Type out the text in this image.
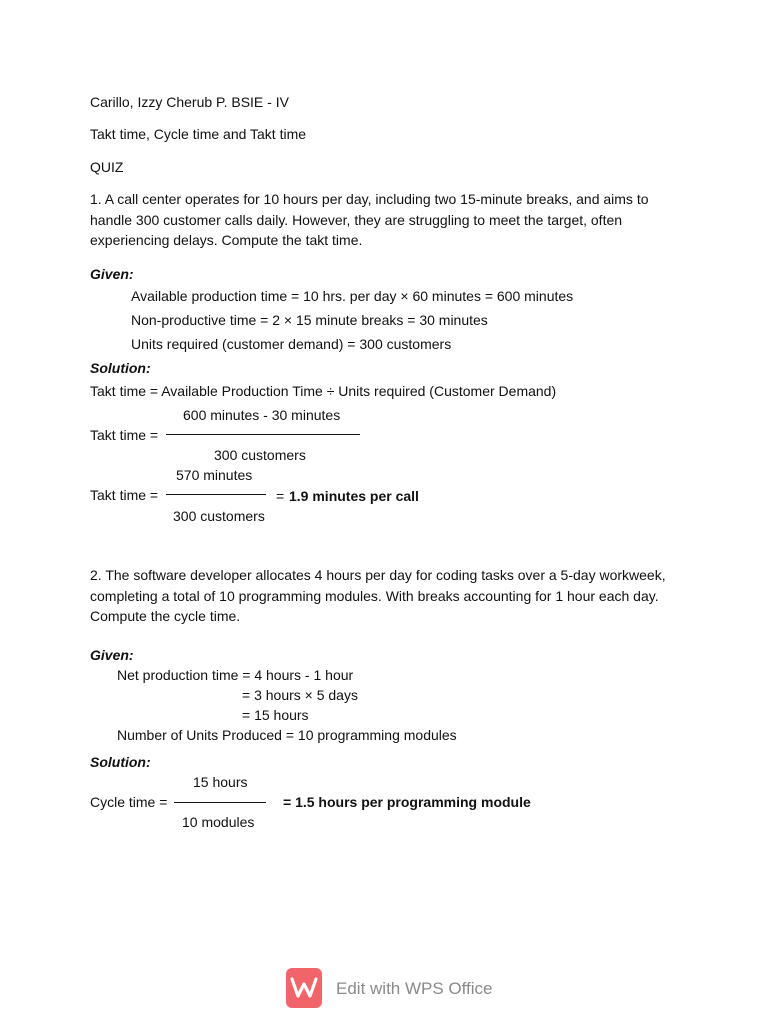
Carillo, Izzy Cherub P. BSIE - IV
Takt time, Cycle time and Takt time
QUIZ
1. A call center operates for 10 hours per day, including two 15-minute breaks, and aims to handle 300 customer calls daily. However, they are struggling to meet the target, often experiencing delays. Compute the takt time.
Given:
Available production time = 10 hrs. per day × 60 minutes = 600 minutes
Non-productive time = 2 × 15 minute breaks = 30 minutes
Units required (customer demand) = 300 customers
Solution:
Takt time = Available Production Time ÷ Units required (Customer Demand)
600 minutes - 30 minutes
Takt time =
300 customers
570 minutes
Takt time =	= 1.9 minutes per call
300 customers
2. The software developer allocates 4 hours per day for coding tasks over a 5-day workweek, completing a total of 10 programming modules. With breaks accounting for 1 hour each day. Compute the cycle time.
Given:
Net production time = 4 hours - 1 hour
= 3 hours × 5 days
= 15 hours
Number of Units Produced = 10 programming modules
Solution:
15 hours
Cycle time =	= 1.5 hours per programming module
10 modules
Edit with WPS Office
